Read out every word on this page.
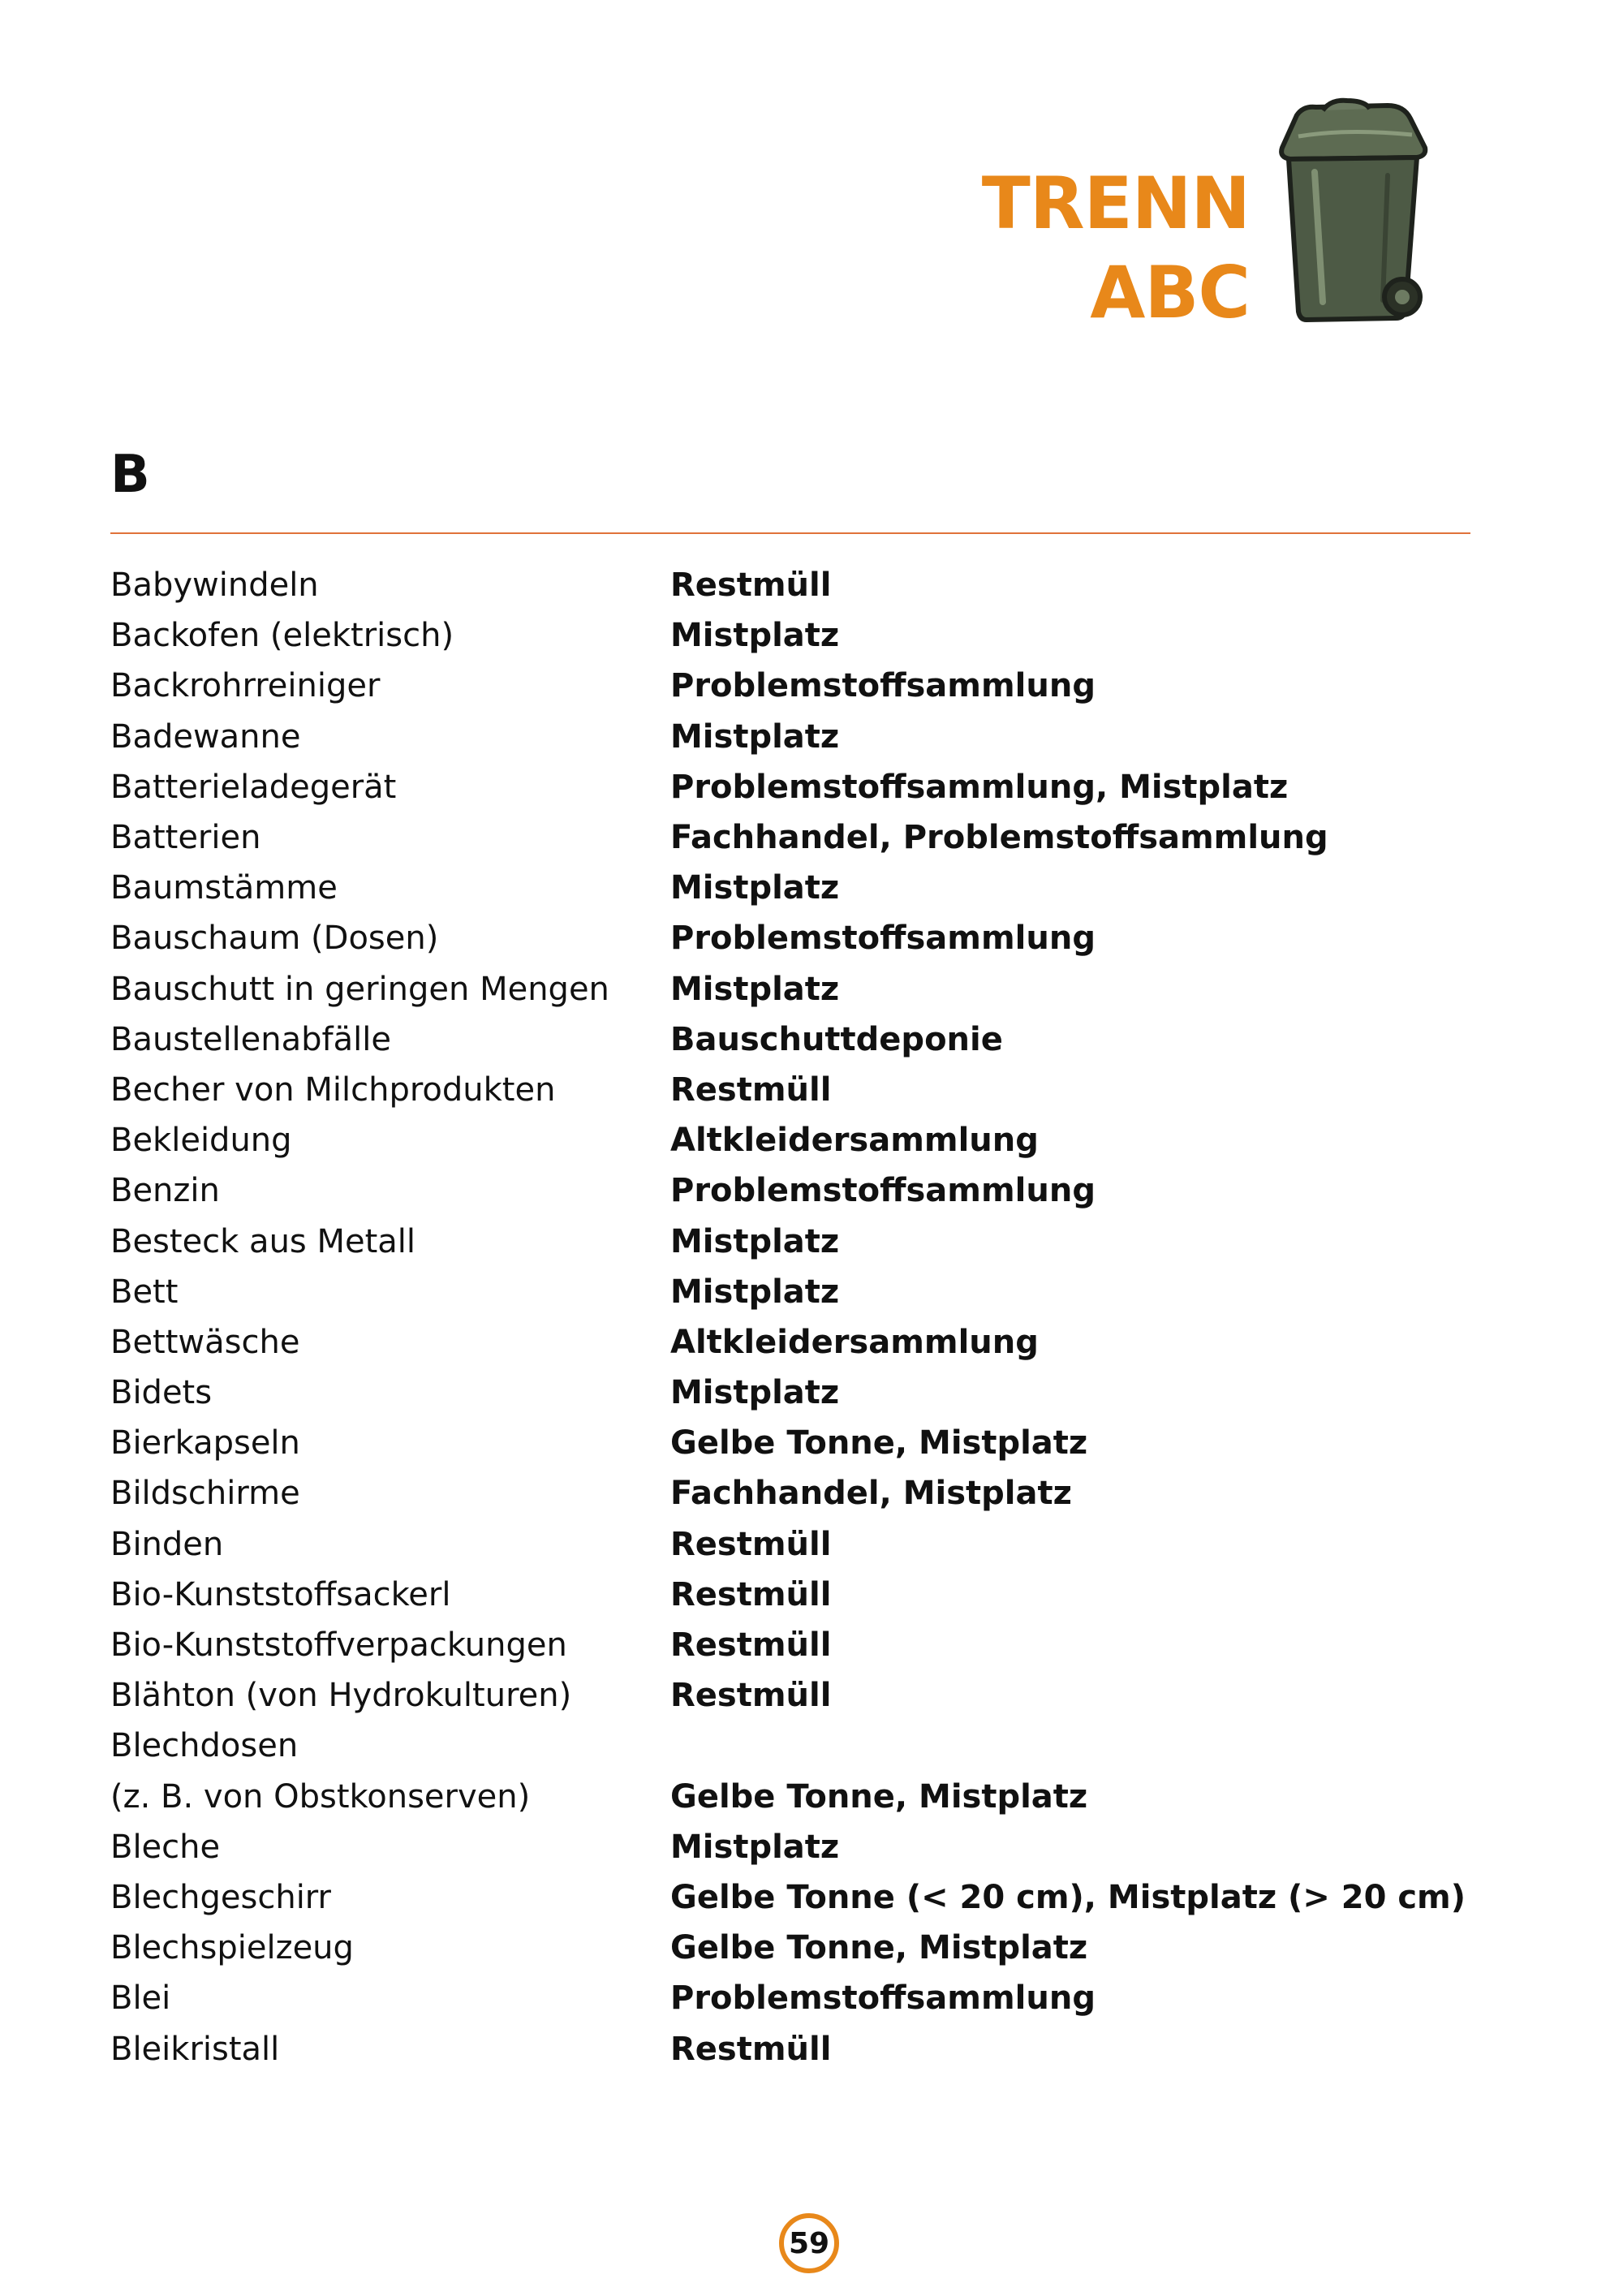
TRENN ABC
B
Babywindeln	Restmüll
Backofen (elektrisch)	Mistplatz
Backrohrreiniger	Problemstoffsammlung
Badewanne	Mistplatz
Batterieladegerät	Problemstoffsammlung, Mistplatz
Batterien	Fachhandel, Problemstoffsammlung
Baumstämme	Mistplatz
Bauschaum (Dosen)	Problemstoffsammlung
Bauschutt in geringen Mengen	Mistplatz
Baustellenabfälle	Bauschuttdeponie
Becher von Milchprodukten	Restmüll
Bekleidung	Altkleidersammlung
Benzin	Problemstoffsammlung
Besteck aus Metall	Mistplatz
Bett	Mistplatz
Bettwäsche	Altkleidersammlung
Bidets	Mistplatz
Bierkapseln	Gelbe Tonne, Mistplatz
Bildschirme	Fachhandel, Mistplatz
Binden	Restmüll
Bio-Kunststoffsackerl	Restmüll
Bio-Kunststoffverpackungen	Restmüll
Blähton (von Hydrokulturen)	Restmüll
Blechdosen
(z. B. von Obstkonserven)	Gelbe Tonne, Mistplatz
Bleche	Mistplatz
Blechgeschirr	Gelbe Tonne (< 20 cm), Mistplatz (> 20 cm)
Blechspielzeug	Gelbe Tonne, Mistplatz
Blei	Problemstoffsammlung
Bleikristall	Restmüll
59
